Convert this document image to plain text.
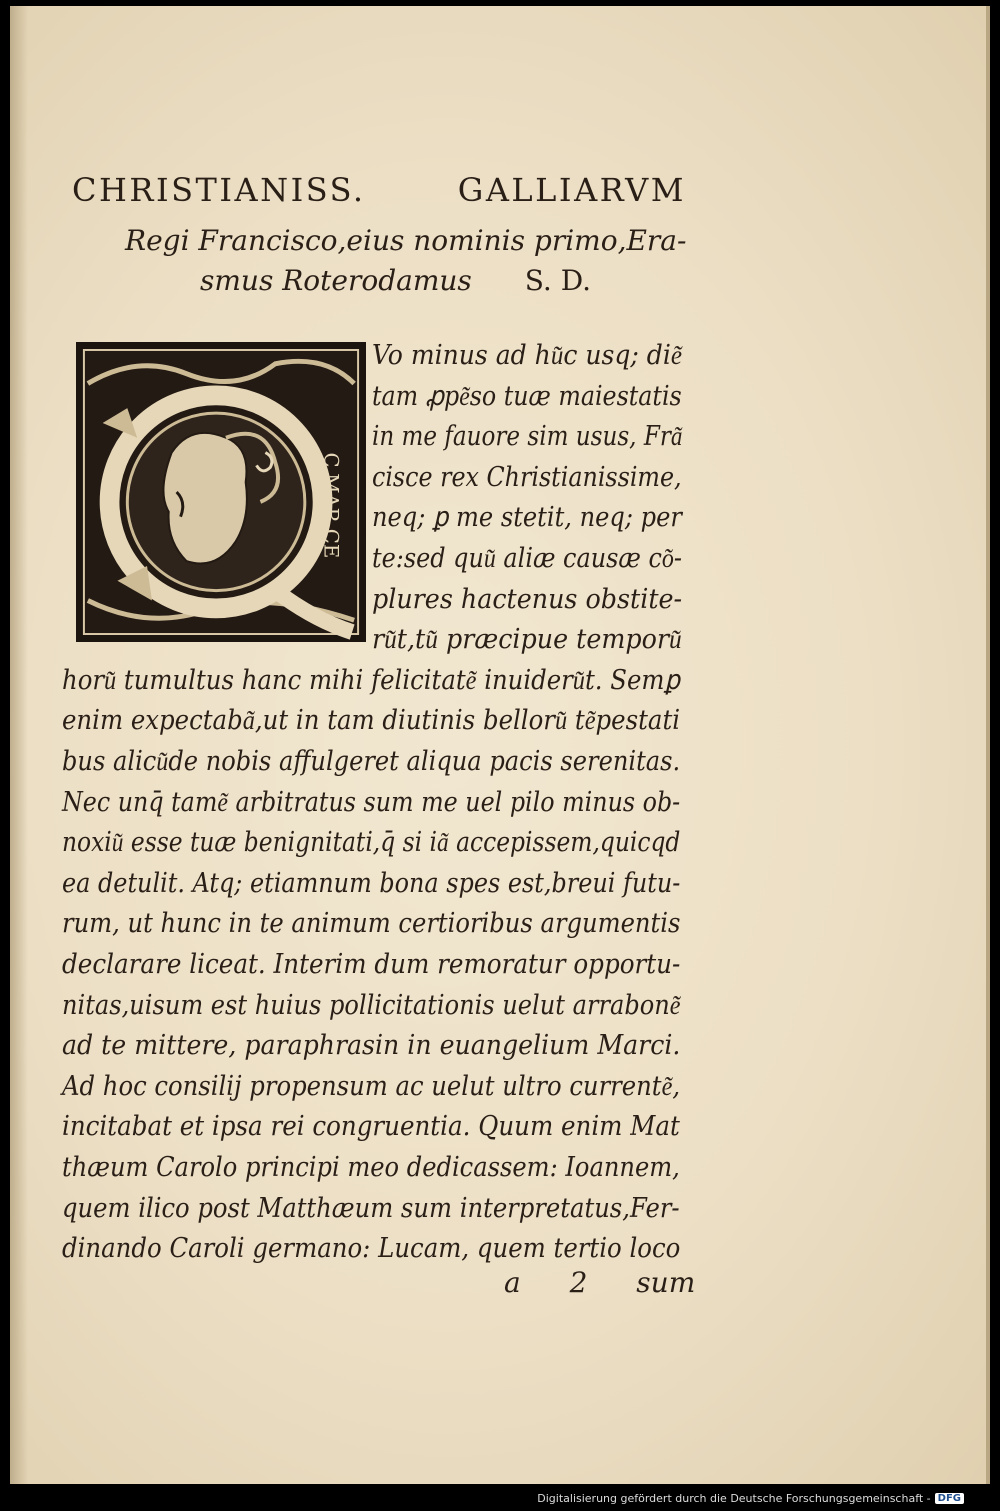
CHRISTIANISS.	GALLIARVM
Regi Francisco,eius nominis primo,Era-
smus Roterodamus S. D.
C.MAR.CE
Vo minus ad hu͂c usq; die͂
tam ꝓpe͂so tuæ maiestatis
in me fauore sim usus, Fra͂
cisce rex Christianissime,
neq; ꝑ me stetit, neq; per
te:sed quu͂ aliæ causæ co͂-
plures hactenus obstite-
ru͂t,tu͂ præcipue temporu͂
horu͂ tumultus hanc mihi felicitate͂ inuideru͂t. Semꝑ
enim expectaba͂,ut in tam diutinis belloru͂ te͂pestati
bus alicu͂de nobis affulgeret aliqua pacis serenitas.
Nec unq̄ tame͂ arbitratus sum me uel pilo minus ob-
noxiu͂ esse tuæ benignitati,q̄ si ia͂ accepissem,quicqd
ea detulit. Atq; etiamnum bona spes est,breui futu-
rum, ut hunc in te animum certioribus argumentis
declarare liceat. Interim dum remoratur opportu-
nitas,uisum est huius pollicitationis uelut arrabone͂
ad te mittere, paraphrasin in euangelium Marci.
Ad hoc consilij propensum ac uelut ultro currente͂,
incitabat et ipsa rei congruentia. Quum enim Mat
thæum Carolo principi meo dedicassem: Ioannem,
quem ilico post Matthæum sum interpretatus,Fer-
dinando Caroli germano: Lucam, quem tertio loco
a 2 sum
Digitalisierung gefördert durch die Deutsche Forschungsgemeinschaft - DFG
